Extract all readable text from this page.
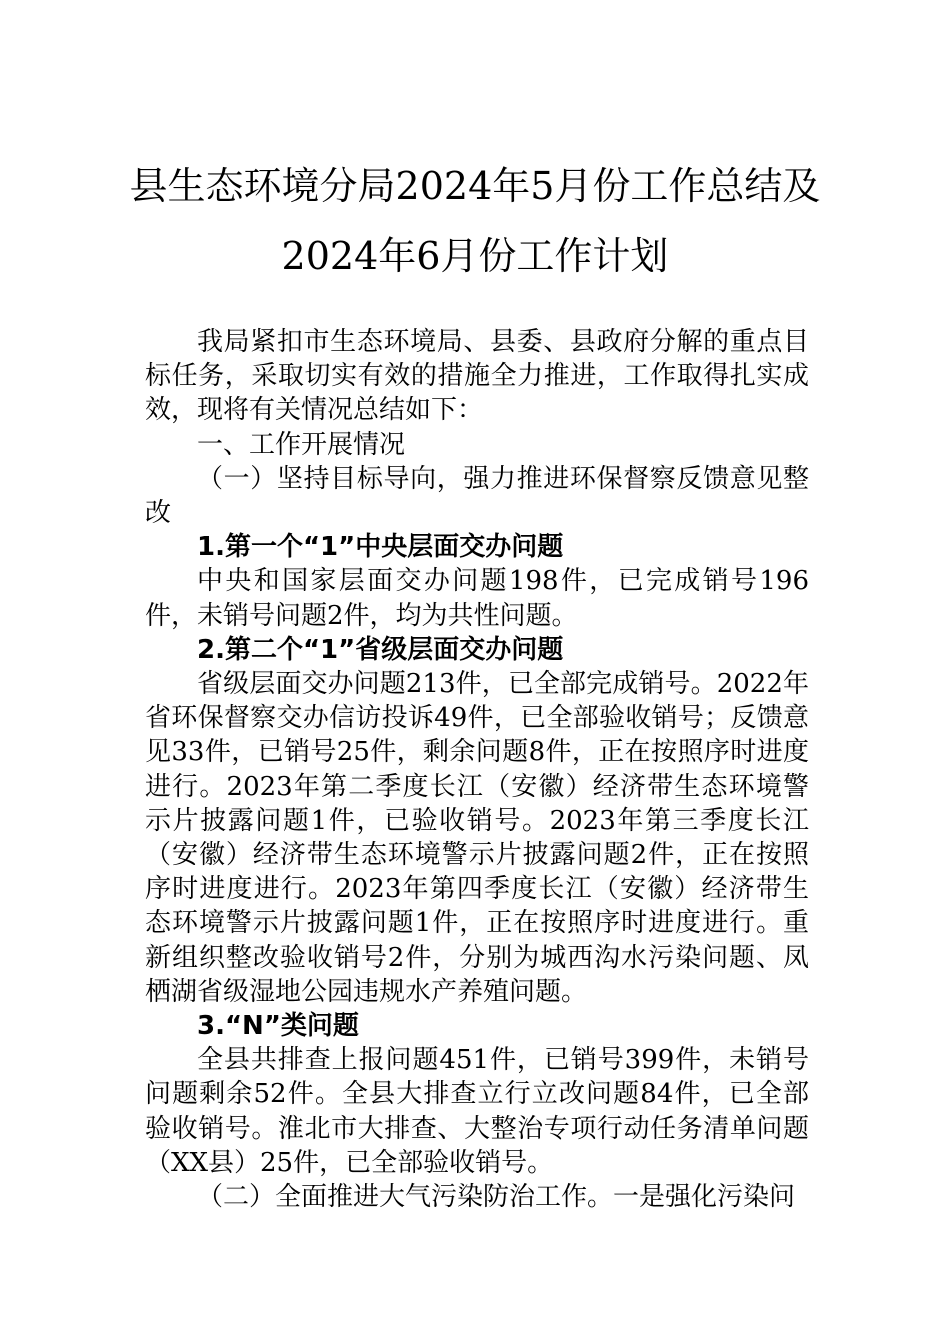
县生态环境分局2024年5月份工作总结及
2024年6月份工作计划

我局紧扣市生态环境局、县委、县政府分解的重点目标任务，采取切实有效的措施全力推进，工作取得扎实成效，现将有关情况总结如下：

一、工作开展情况

（一）坚持目标导向，强力推进环保督察反馈意见整改

1.第一个“1”中央层面交办问题

中央和国家层面交办问题198件，已完成销号196件，未销号问题2件，均为共性问题。

2.第二个“1”省级层面交办问题

省级层面交办问题213件，已全部完成销号。2022年省环保督察交办信访投诉49件，已全部验收销号；反馈意见33件，已销号25件，剩余问题8件，正在按照序时进度进行。2023年第二季度长江（安徽）经济带生态环境警示片披露问题1件，已验收销号。2023年第三季度长江（安徽）经济带生态环境警示片披露问题2件，正在按照序时进度进行。2023年第四季度长江（安徽）经济带生态环境警示片披露问题1件，正在按照序时进度进行。重新组织整改验收销号2件，分别为城西沟水污染问题、凤栖湖省级湿地公园违规水产养殖问题。

3.“N”类问题

全县共排查上报问题451件，已销号399件，未销号问题剩余52件。全县大排查立行立改问题84件，已全部验收销号。淮北市大排查、大整治专项行动任务清单问题（XX县）25件，已全部验收销号。

（二）全面推进大气污染防治工作。一是强化污染问
